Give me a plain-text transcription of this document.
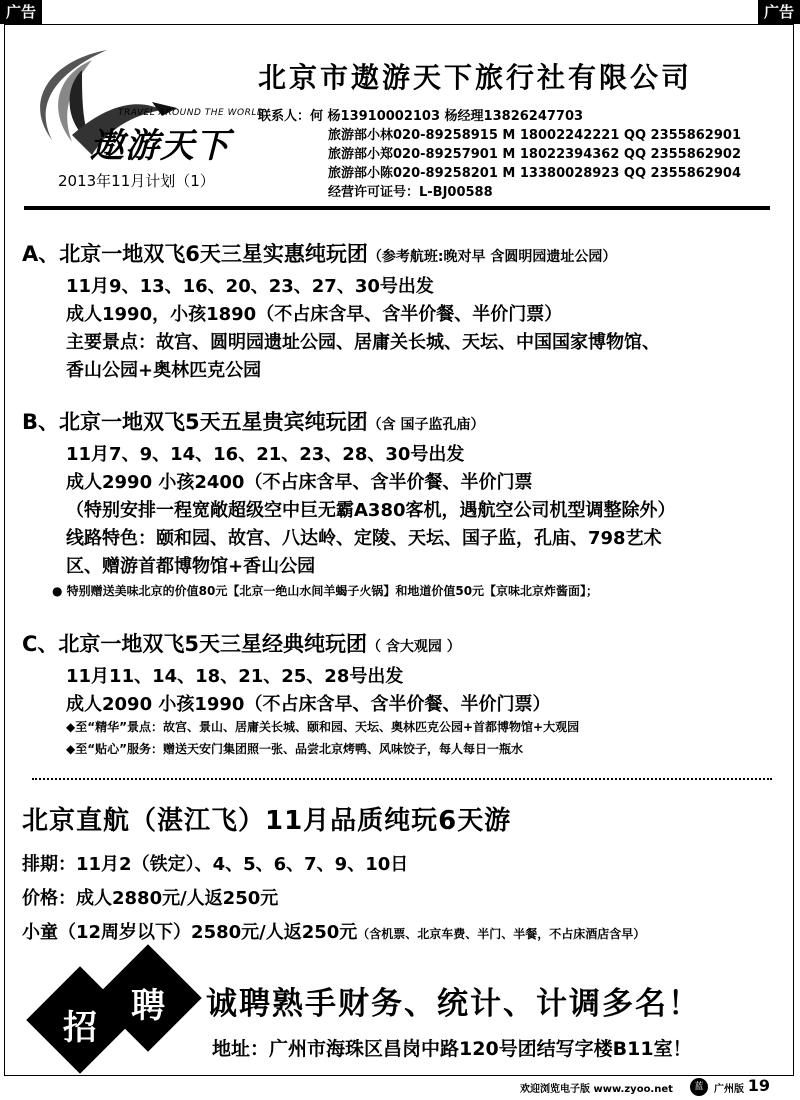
广告	广告
TRAVEL AROUND THE WORLD
遨游天下
2013年11月计划（1）
北京市遨游天下旅行社有限公司
联系人：何 杨13910002103 杨经理13826247703
旅游部小林020-89258915 M 18002242221 QQ 2355862901
旅游部小郑020-89257901 M 18022394362 QQ 2355862902
旅游部小陈020-89258201 M 13380028923 QQ 2355862904
经营许可证号：L-BJ00588
A、北京一地双飞6天三星实惠纯玩团（参考航班:晚对早 含圆明园遗址公园）
11月9、13、16、20、23、27、30号出发
成人1990，小孩1890（不占床含早、含半价餐、半价门票）
主要景点：故宫、圆明园遗址公园、居庸关长城、天坛、中国国家博物馆、
香山公园+奥林匹克公园
B、北京一地双飞5天五星贵宾纯玩团（含 国子监孔庙）
11月7、9、14、16、21、23、28、30号出发
成人2990 小孩2400（不占床含早、含半价餐、半价门票
（特别安排一程宽敞超级空中巨无霸A380客机，遇航空公司机型调整除外）
线路特色：颐和园、故宫、八达岭、定陵、天坛、国子监，孔庙、798艺术
区、赠游首都博物馆+香山公园
● 特别赠送美味北京的价值80元【北京一绝山水间羊蝎子火锅】和地道价值50元【京味北京炸酱面】；
C、北京一地双飞5天三星经典纯玩团（ 含大观园 ）
11月11、14、18、21、25、28号出发
成人2090 小孩1990（不占床含早、含半价餐、半价门票）
◆至“精华”景点：故宫、景山、居庸关长城、颐和园、天坛、奥林匹克公园+首都博物馆+大观园
◆至“贴心”服务：赠送天安门集团照一张、品尝北京烤鸭、风味饺子，每人每日一瓶水
北京直航（湛江飞）11月品质纯玩6天游
排期：11月2（铁定）、4、5、6、7、9、10日
价格：成人2880元/人返250元
小童（12周岁以下）2580元/人返250元（含机票、北京车费、半门、半餐，不占床酒店含早）
招
聘 诚聘熟手财务、统计、计调多名！
地址：广州市海珠区昌岗中路120号团结写字楼B11室！
欢迎浏览电子版 www.zyoo.net	蓝	广州版 19
